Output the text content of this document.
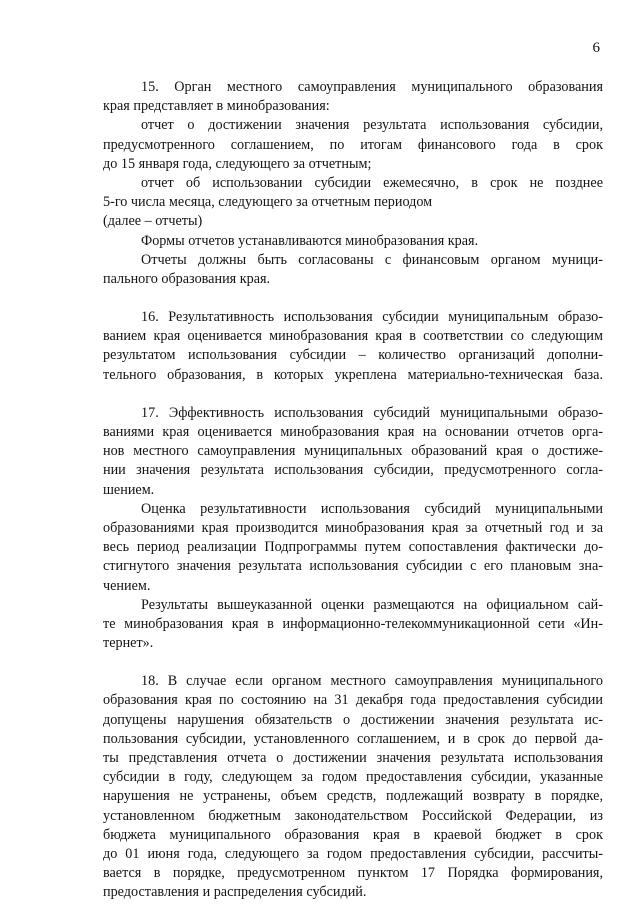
6
15. Орган местного самоуправления муниципального образования
края представляет в минобразования:
отчет о достижении значения результата использования субсидии,
предусмотренного соглашением, по итогам финансового года в срок
до 15 января года, следующего за отчетным;
отчет об использовании субсидии ежемесячно, в срок не позднее
5-го числа месяца, следующего за отчетным периодом
(далее – отчеты)
Формы отчетов устанавливаются минобразования края.
Отчеты должны быть согласованы с финансовым органом муници-
пального образования края.
16. Результативность использования субсидии муниципальным образо-
ванием края оценивается минобразования края в соответствии со следующим
результатом использования субсидии – количество организаций дополни-
тельного образования, в которых укреплена материально-техническая база.
17. Эффективность использования субсидий муниципальными образо-
ваниями края оценивается минобразования края на основании отчетов орга-
нов местного самоуправления муниципальных образований края о достиже-
нии значения результата использования субсидии, предусмотренного согла-
шением.
Оценка результативности использования субсидий муниципальными
образованиями края производится минобразования края за отчетный год и за
весь период реализации Подпрограммы путем сопоставления фактически до-
стигнутого значения результата использования субсидии с его плановым зна-
чением.
Результаты вышеуказанной оценки размещаются на официальном сай-
те минобразования края в информационно-телекоммуникационной сети «Ин-
тернет».
18. В случае если органом местного самоуправления муниципального
образования края по состоянию на 31 декабря года предоставления субсидии
допущены нарушения обязательств о достижении значения результата ис-
пользования субсидии, установленного соглашением, и в срок до первой да-
ты представления отчета о достижении значения результата использования
субсидии в году, следующем за годом предоставления субсидии, указанные
нарушения не устранены, объем средств, подлежащий возврату в порядке,
установленном бюджетным законодательством Российской Федерации, из
бюджета муниципального образования края в краевой бюджет в срок
до 01 июня года, следующего за годом предоставления субсидии, рассчиты-
вается в порядке, предусмотренном пунктом 17 Порядка формирования,
предоставления и распределения субсидий.
